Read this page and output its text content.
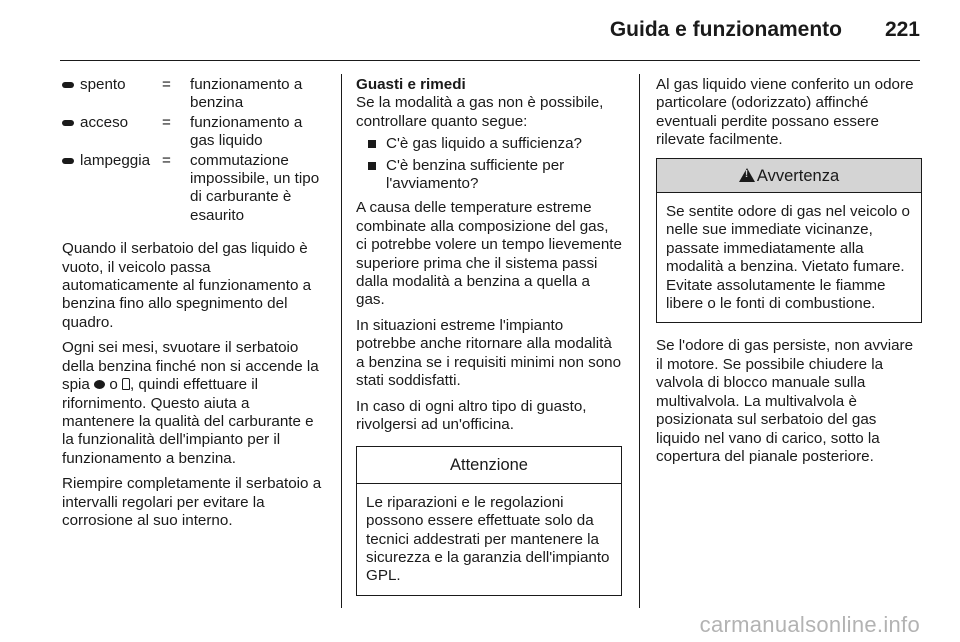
Guida e funzionamento 221
spento =	funzionamento a benzina
acceso =	funzionamento a gas liquido
lampeggia =	commutazione impossibile, un tipo di carburante è esaurito

Quando il serbatoio del gas liquido è vuoto, il veicolo passa automaticamente al funzionamento a benzina fino allo spegnimento del quadro.

Ogni sei mesi, svuotare il serbatoio della benzina finché non si accende la spia  o , quindi effettuare il rifornimento. Questo aiuta a mantenere la qualità del carburante e la funzionalità dell'impianto per il funzionamento a benzina.

Riempire completamente il serbatoio a intervalli regolari per evitare la corrosione al suo interno.

Guasti e rimedi

Se la modalità a gas non è possibile, controllare quanto segue:

C'è gas liquido a sufficienza?
C'è benzina sufficiente per l'avviamento?

A causa delle temperature estreme combinate alla composizione del gas, ci potrebbe volere un tempo lievemente superiore prima che il sistema passi dalla modalità a benzina a quella a gas.

In situazioni estreme l'impianto potrebbe anche ritornare alla modalità a benzina se i requisiti minimi non sono stati soddisfatti.

In caso di ogni altro tipo di guasto, rivolgersi ad un'officina.

Attenzione
Le riparazioni e le regolazioni possono essere effettuate solo da tecnici addestrati per mantenere la sicurezza e la garanzia dell'impianto GPL.

Al gas liquido viene conferito un odore particolare (odorizzato) affinché eventuali perdite possano essere rilevate facilmente.

!Avvertenza
Se sentite odore di gas nel veicolo o nelle sue immediate vicinanze, passate immediatamente alla modalità a benzina. Vietato fumare. Evitate assolutamente le fiamme libere o le fonti di combustione.

Se l'odore di gas persiste, non avviare il motore. Se possibile chiudere la valvola di blocco manuale sulla multivalvola. La multivalvola è posizionata sul serbatoio del gas liquido nel vano di carico, sotto la copertura del pianale posteriore.

carmanualsonline.info
